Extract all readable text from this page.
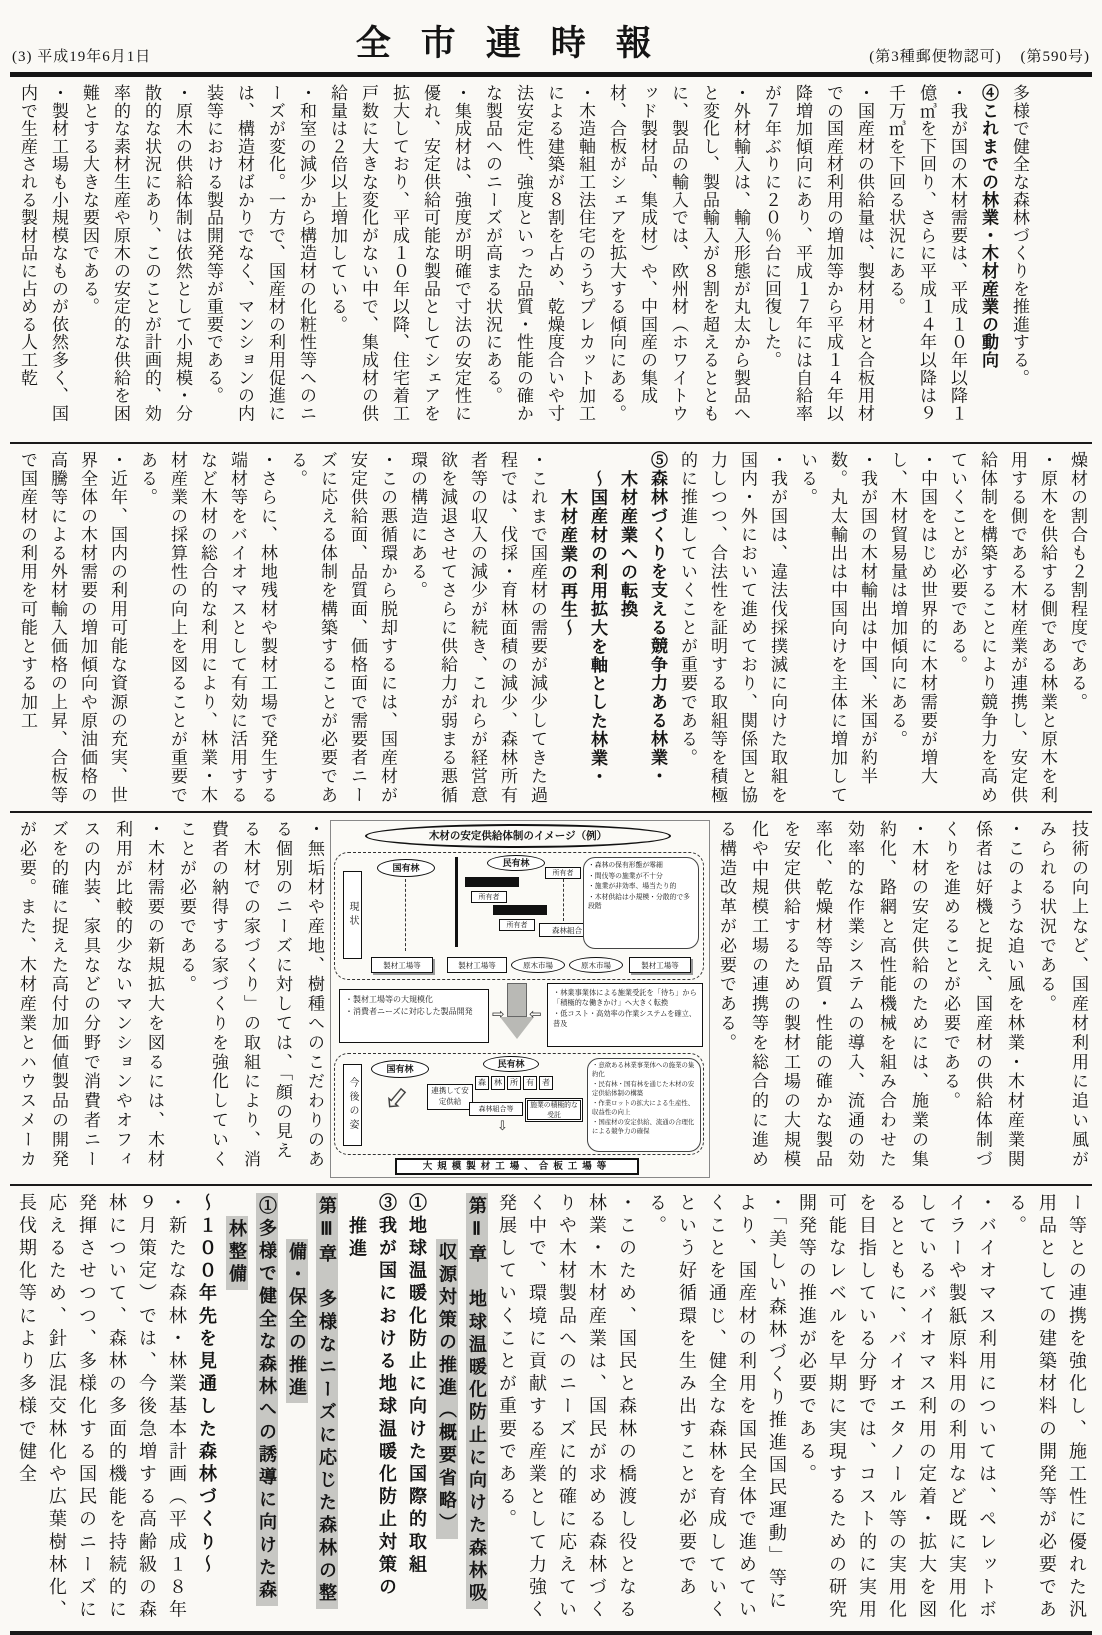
(3) 平成19年6月1日	全市連時報	(第3種郵便物認可) (第590号)

多様で健全な森林づくりを推進する。

④これまでの林業・木材産業の動向

・我が国の木材需要は、平成１０年以降１億㎥を下回り、さらに平成１４年以降は９千万㎥を下回る状況にある。

・国産材の供給量は、製材用材と合板用材での国産材利用の増加等から平成１４年以降増加傾向にあり、平成１７年には自給率が７年ぶりに２０％台に回復した。

・外材輸入は、輸入形態が丸太から製品へと変化し、製品輸入が８割を超えるとともに、製品の輸入では、欧州材（ホワイトウッド製材品、集成材）や、中国産の集成材、合板がシェアを拡大する傾向にある。

・木造軸組工法住宅のうちプレカット加工による建築が８割を占め、乾燥度合いや寸法安定性、強度といった品質・性能の確かな製品へのニーズが高まる状況にある。

・集成材は、強度が明確で寸法の安定性に優れ、安定供給可能な製品としてシェアを拡大しており、平成１０年以降、住宅着工戸数に大きな変化がない中で、集成材の供給量は２倍以上増加している。

・和室の減少から構造材の化粧性等へのニーズが変化。一方で、国産材の利用促進には、構造材ばかりでなく、マンションの内装等における製品開発等が重要である。

・原木の供給体制は依然として小規模・分散的な状況にあり、このことが計画的、効率的な素材生産や原木の安定的な供給を困難とする大きな要因である。

・製材工場も小規模なものが依然多く、国内で生産される製材品に占める人工乾

燥材の割合も２割程度である。

・原木を供給する側である林業と原木を利用する側である木材産業が連携し、安定供給体制を構築することにより競争力を高めていくことが必要である。

・中国をはじめ世界的に木材需要が増大し、木材貿易量は増加傾向にある。

・我が国の木材輸出は中国、米国が約半数。丸太輸出は中国向けを主体に増加している。

・我が国は、違法伐採撲滅に向けた取組を国内・外において進めており、関係国と協力しつつ、合法性を証明する取組等を積極的に推進していくことが重要である。

⑤森林づくりを支える競争力ある林業・

木材産業への転換

～国産材の利用拡大を軸とした林業・

木材産業の再生～

・これまで国産材の需要が減少してきた過程では、伐採・育林面積の減少、森林所有者等の収入の減少が続き、これらが経営意欲を減退させてさらに供給力が弱まる悪循環の構造にある。

・この悪循環から脱却するには、国産材が安定供給面、品質面、価格面で需要者ニーズに応える体制を構築することが必要である。

・さらに、林地残材や製材工場で発生する端材等をバイオマスとして有効に活用するなど木材の総合的な利用により、林業・木材産業の採算性の向上を図ることが重要である。

・近年、国内の利用可能な資源の充実、世界全体の木材需要の増加傾向や原油価格の高騰等による外材輸入価格の上昇、合板等で国産材の利用を可能とする加工

・無垢材や産地、樹種へのこだわりのある個別のニーズに対しては、「顔の見える木材での家づくり」の取組により、消費者の納得する家づくりを強化していくことが必要である。

・木材需要の新規拡大を図るには、木材利用が比較的少ないマンションやオフィスの内装、家具などの分野で消費者ニーズを的確に捉えた高付加価値製品の開発が必要。また、木材産業とハウスメーカ	木材の安定供給体制のイメージ（例）
現状
国有林	民有林
所有者
所有者
所有者
森林組合
・森林の保有形態が零細
・間伐等の施業が不十分
・施業が非効率、場当たり的
・木材供給は小規模・分散的で多段階
製材工場等	製材工場等	原木市場	原木市場	製材工場等
・製材工場等の大規模化
・消費者ニーズに対応した製品開発	⇨ ⇦
・林業事業体による施業受託を「待ち」から「積極的な働きかけ」へ大きく転換
・低コスト・高効率の作業システムを確立、普及
今後の姿
国有林
⇩	連携して安定供給
民有林
森	林	所	有	者
森林組合等
施業の積極的な受託
⇩
・意欲ある林業事業体への施業の集約化
・民有林・国有林を通じた木材の安定供給体制の構築
・作業ロットの拡大による生産性、収益性の向上
・国産材の安定供給、流通の合理化による競争力の確保
大規模製材工場、合板工場等	技術の向上など、国産材利用に追い風がみられる状況である。

・このような追い風を林業・木材産業関係者は好機と捉え、国産材の供給体制づくりを進めることが必要である。

・木材の安定供給のためには、施業の集約化、路網と高性能機械を組み合わせた効率的な作業システムの導入、流通の効率化、乾燥材等品質・性能の確かな製品を安定供給するための製材工場の大規模化や中規模工場の連携等を総合的に進める構造改革が必要である。

ー等との連携を強化し、施工性に優れた汎用品としての建築材料の開発等が必要である。

・バイオマス利用については、ペレットボイラーや製紙原料用の利用など既に実用化しているバイオマス利用の定着・拡大を図るとともに、バイオエタノール等の実用化を目指している分野では、コスト的に実用可能なレベルを早期に実現するための研究開発等の推進が必要である。

・「美しい森林づくり推進国民運動」等により、国産材の利用を国民全体で進めていくことを通じ、健全な森林を育成していくという好循環を生み出すことが必要である。

・このため、国民と森林の橋渡し役となる林業・木材産業は、国民が求める森林づくりや木材製品へのニーズに的確に応えていく中で、環境に貢献する産業として力強く発展していくことが重要である。

第Ⅱ章　地球温暖化防止に向けた森林吸

収源対策の推進（概要省略）

①地球温暖化防止に向けた国際的取組

③我が国における地球温暖化防止対策の

推進

第Ⅲ章　多様なニーズに応じた森林の整

備・保全の推進

①多様で健全な森林への誘導に向けた森

林整備

～１００年先を見通した森林づくり～

・新たな森林・林業基本計画（平成１８年９月策定）では、今後急増する高齢級の森林について、森林の多面的機能を持続的に発揮させつつ、多様化する国民のニーズに応えるため、針広混交林化や広葉樹林化、長伐期化等により多様で健全
